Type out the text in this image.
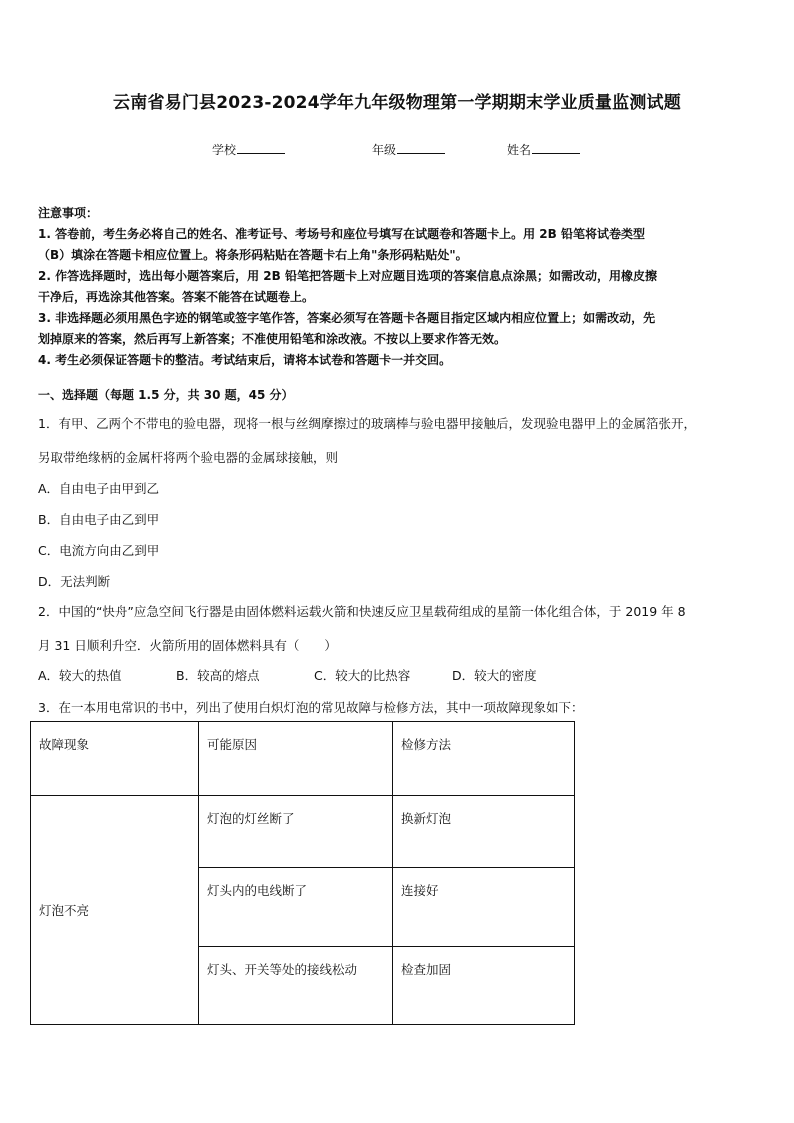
云南省易门县2023-2024学年九年级物理第一学期期末学业质量监测试题
学校	年级	姓名

注意事项：

1. 答卷前，考生务必将自己的姓名、准考证号、考场号和座位号填写在试题卷和答题卡上。用 2B 铅笔将试卷类型

（B）填涂在答题卡相应位置上。将条形码粘贴在答题卡右上角"条形码粘贴处"。

2. 作答选择题时，选出每小题答案后，用 2B 铅笔把答题卡上对应题目选项的答案信息点涂黑；如需改动，用橡皮擦

干净后，再选涂其他答案。答案不能答在试题卷上。

3. 非选择题必须用黑色字迹的钢笔或签字笔作答，答案必须写在答题卡各题目指定区域内相应位置上；如需改动，先

划掉原来的答案，然后再写上新答案；不准使用铅笔和涂改液。不按以上要求作答无效。

4. 考生必须保证答题卡的整洁。考试结束后，请将本试卷和答题卡一并交回。

一、选择题（每题 1.5 分，共 30 题，45 分）

1．有甲、乙两个不带电的验电器，现将一根与丝绸摩擦过的玻璃棒与验电器甲接触后，发现验电器甲上的金属箔张开，

另取带绝缘柄的金属杆将两个验电器的金属球接触，则

A．自由电子由甲到乙
B．自由电子由乙到甲
C．电流方向由乙到甲
D．无法判断

2．中国的“快舟”应急空间飞行器是由固体燃料运载火箭和快速反应卫星载荷组成的星箭一体化组合体，于 2019 年 8

月 31 日顺利升空．火箭所用的固体燃料具有（　　）

A．较大的热值	B．较高的熔点	C．较大的比热容	D．较大的密度
3．在一本用电常识的书中，列出了使用白炽灯泡的常见故障与检修方法，其中一项故障现象如下：
故障现象	可能原因	检修方法
灯泡不亮	灯泡的灯丝断了	换新灯泡
	灯头内的电线断了	连接好
	灯头、开关等处的接线松动	检查加固
